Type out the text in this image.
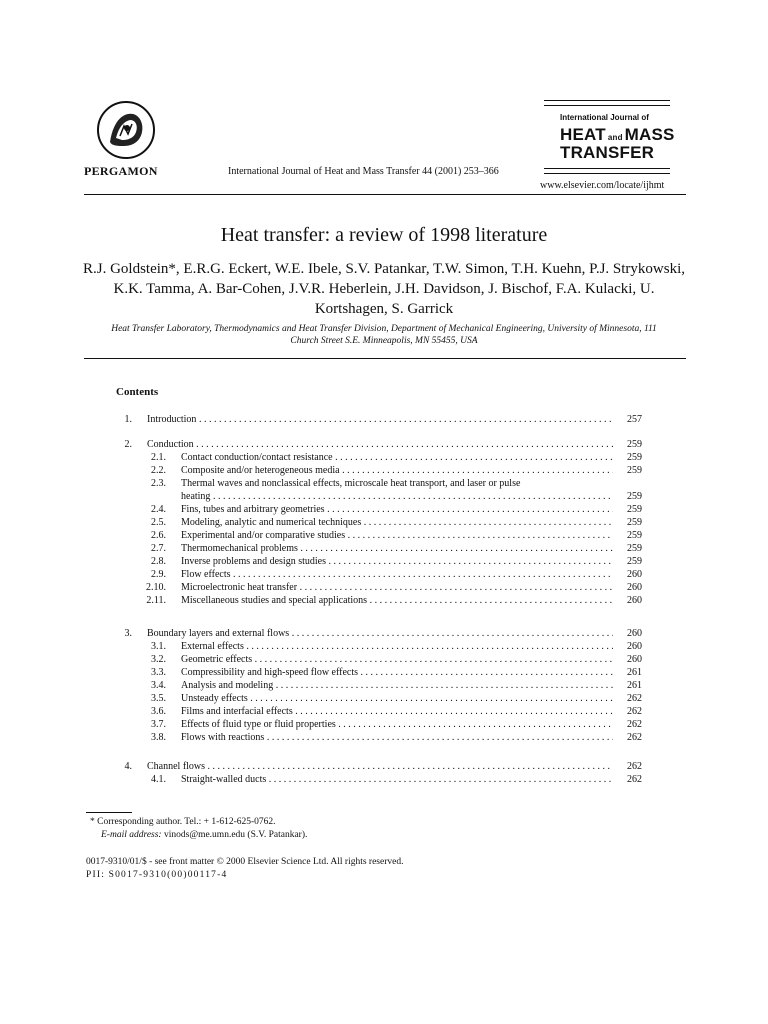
PERGAMON	International Journal of Heat and Mass Transfer 44 (2001) 253–366
International Journal of
HEAT and MASS
TRANSFER
www.elsevier.com/locate/ijhmt
Heat transfer: a review of 1998 literature
R.J. Goldstein*, E.R.G. Eckert, W.E. Ibele, S.V. Patankar, T.W. Simon, T.H. Kuehn, P.J. Strykowski, K.K. Tamma, A. Bar-Cohen, J.V.R. Heberlein, J.H. Davidson, J. Bischof, F.A. Kulacki, U. Kortshagen, S. Garrick
Heat Transfer Laboratory, Thermodynamics and Heat Transfer Division, Department of Mechanical Engineering, University of Minnesota, 111 Church Street S.E. Minneapolis, MN 55455, USA
Contents
1. Introduction . . .	257
2. Conduction . . .	259
2.1. Contact conduction/contact resistance . . .	259
2.2. Composite and/or heterogeneous media . . .	259
2.3. Thermal waves and nonclassical effects, microscale heat transport, and laser or pulse
heating . . .	259
2.4. Fins, tubes and arbitrary geometries . . .	259
2.5. Modeling, analytic and numerical techniques . . .	259
2.6. Experimental and/or comparative studies . . .	259
2.7. Thermomechanical problems . . .	259
2.8. Inverse problems and design studies . . .	259
2.9. Flow effects . . .	260
2.10. Microelectronic heat transfer . . .	260
2.11. Miscellaneous studies and special applications . . .	260
3. Boundary layers and external flows . . .	260
3.1. External effects . . .	260
3.2. Geometric effects . . .	260
3.3. Compressibility and high-speed flow effects . . .	261
3.4. Analysis and modeling . . .	261
3.5. Unsteady effects . . .	262
3.6. Films and interfacial effects . . .	262
3.7. Effects of fluid type or fluid properties . . .	262
3.8. Flows with reactions . . .	262
4. Channel flows . . .	262
4.1. Straight-walled ducts . . .	262
* Corresponding author. Tel.: + 1-612-625-0762.
E-mail address: vinods@me.umn.edu (S.V. Patankar).
0017-9310/01/$ - see front matter © 2000 Elsevier Science Ltd. All rights reserved.
PII: S0017-9310(00)00117-4
